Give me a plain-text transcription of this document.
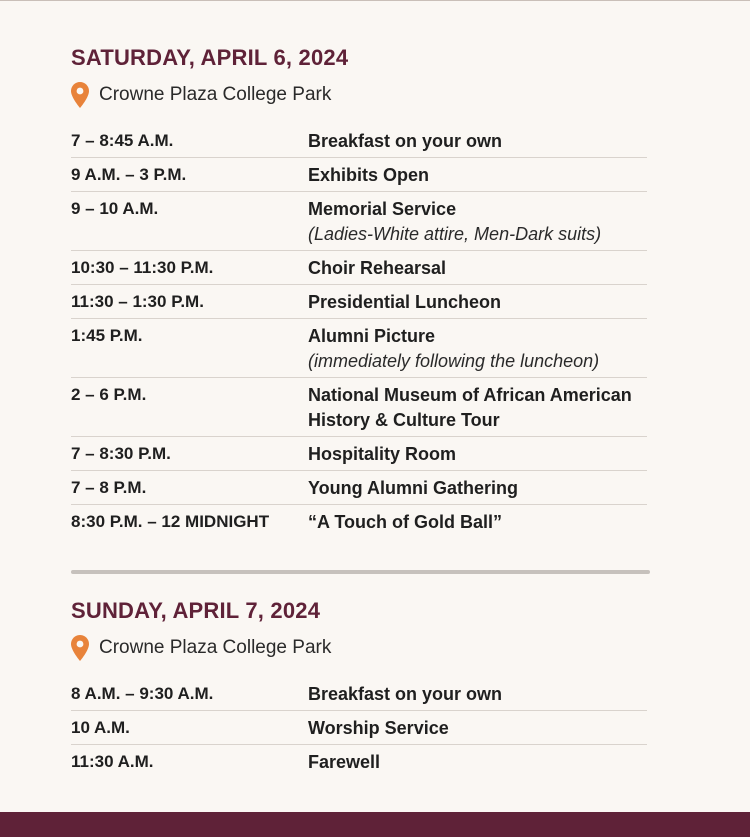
SATURDAY, APRIL 6, 2024
Crowne Plaza College Park
7 – 8:45 A.M.	Breakfast on your own
9 A.M. – 3 P.M.	Exhibits Open
9 – 10 A.M.	Memorial Service
(Ladies-White attire, Men-Dark suits)
10:30 – 11:30 P.M.	Choir Rehearsal
11:30 – 1:30 P.M.	Presidential Luncheon
1:45 P.M.	Alumni Picture
(immediately following the luncheon)
2 – 6 P.M.	National Museum of African American History & Culture Tour
7 – 8:30 P.M.	Hospitality Room
7 – 8 P.M.	Young Alumni Gathering
8:30 P.M. – 12 MIDNIGHT	“A Touch of Gold Ball”
SUNDAY, APRIL 7, 2024
Crowne Plaza College Park
8 A.M. – 9:30 A.M.	Breakfast on your own
10 A.M.	Worship Service
11:30 A.M.	Farewell
